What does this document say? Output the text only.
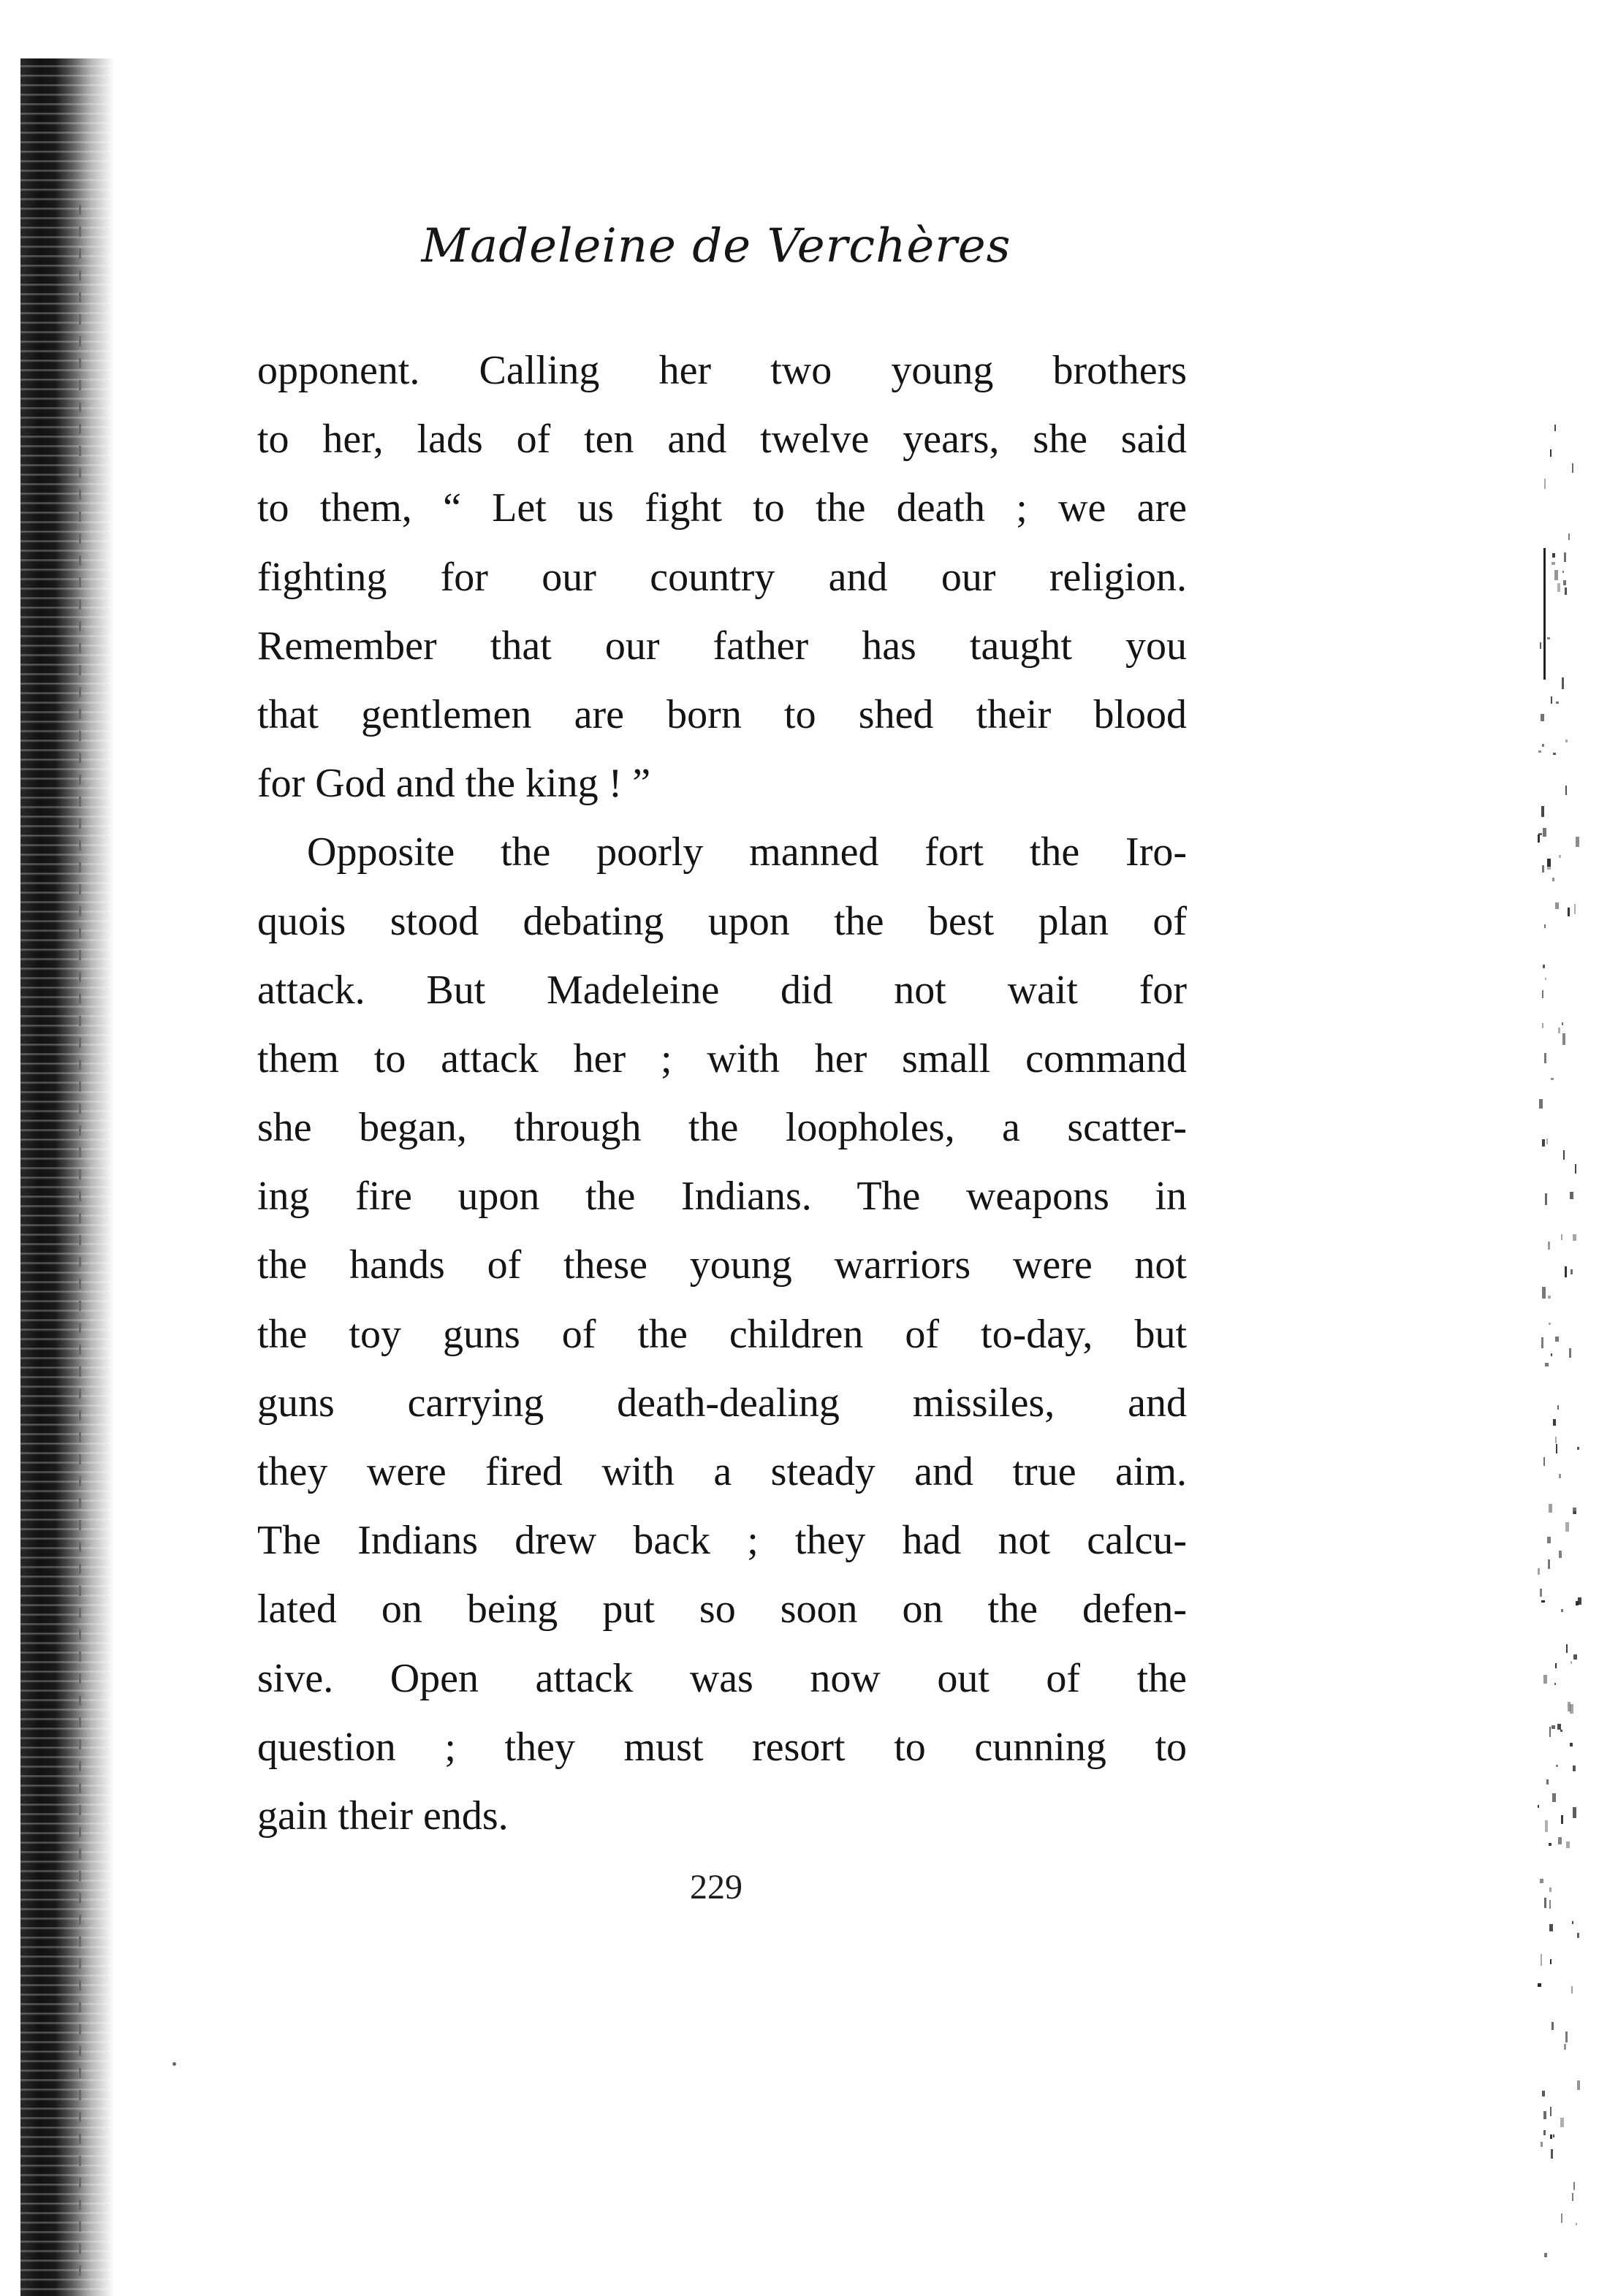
Madeleine de Verchères
opponent. Calling her two young brothers
to her, lads of ten and twelve years, she said
to them, “ Let us fight to the death ; we are
fighting for our country and our religion.
Remember that our father has taught you
that gentlemen are born to shed their blood
for God and the king ! ”
Opposite the poorly manned fort the Iro-
quois stood debating upon the best plan of
attack. But Madeleine did not wait for
them to attack her ; with her small command
she began, through the loopholes, a scatter-
ing fire upon the Indians. The weapons in
the hands of these young warriors were not
the toy guns of the children of to-day, but
guns carrying death-dealing missiles, and
they were fired with a steady and true aim.
The Indians drew back ; they had not calcu-
lated on being put so soon on the defen-
sive. Open attack was now out of the
question ; they must resort to cunning to
gain their ends.
229
